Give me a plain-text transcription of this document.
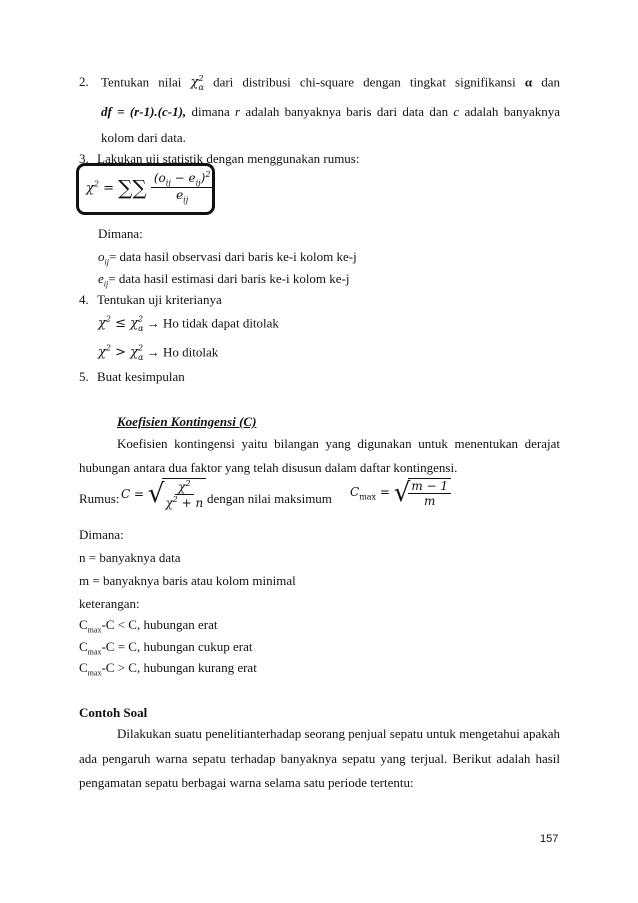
2. Tentukan nilai $\chi^2_\alpha$ dari distribusi chi-square dengan tingkat signifikansi α dan
df = (r-1).(c-1), dimana r adalah banyaknya baris dari data dan c adalah banyaknya
kolom dari data.
3. Lakukan uji statistik dengan menggunakan rumus:
$\chi^2$ = ∑∑ $\frac{(o_{ij} - e_{ij})^2}{e_{ij}}$
Dimana:
$o_{ij}=$ data hasil observasi dari baris ke-i kolom ke-j
$e_{ij}=$ data hasil estimasi dari baris ke-i kolom ke-j
4. Tentukan uji kriterianya
$\chi^2 \le \chi^2_\alpha \to Ho$ tidak dapat ditolak
$\chi^2 > \chi^2_\alpha \to Ho$ ditolak
5. Buat kesimpulan
Koefisien Kontingensi (C)
Koefisien kontingensi yaitu bilangan yang digunakan untuk menentukan derajat
hubungan antara dua faktor yang telah disusun dalam daftar kontingensi.
Rumus: C = √
$\frac{\chi^2}{\chi^2 + n}$ dengan nilai maksimum $C_{max}$ = √
$\frac{m - 1}{m}$
Dimana:
n = banyaknya data
m = banyaknya baris atau kolom minimal
keterangan:
$C_{max}-C < C$, hubungan erat
$C_{max}-C = C$, hubungan cukup erat
$C_{max}-C > C$, hubungan kurang erat
Contoh Soal
Dilakukan suatu penelitianterhadap seorang penjual sepatu untuk mengetahui apakah
ada pengaruh warna sepatu terhadap banyaknya sepatu yang terjual. Berikut adalah hasil
pengamatan sepatu berbagai warna selama satu periode tertentu:
157
